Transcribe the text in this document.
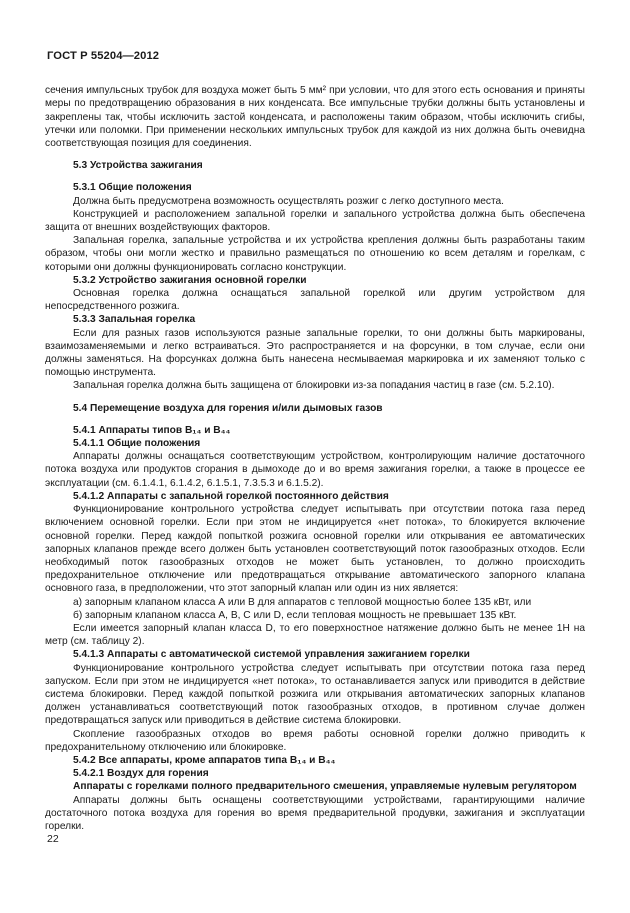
ГОСТ Р 55204—2012
сечения импульсных трубок для воздуха может быть 5 мм² при условии, что для этого есть основания и приняты меры по предотвращению образования в них конденсата. Все импульсные трубки должны быть установлены и закреплены так, чтобы исключить застой конденсата, и расположены таким образом, чтобы исключить сгибы, утечки или поломки. При применении нескольких импульсных трубок для каждой из них должна быть очевидна соответствующая позиция для соединения.
5.3 Устройства зажигания
5.3.1 Общие положения
Должна быть предусмотрена возможность осуществлять розжиг с легко доступного места.
Конструкцией и расположением запальной горелки и запального устройства должна быть обеспечена защита от внешних воздействующих факторов.
Запальная горелка, запальные устройства и их устройства крепления должны быть разработаны таким образом, чтобы они могли жестко и правильно размещаться по отношению ко всем деталям и горелкам, с которыми они должны функционировать согласно конструкции.
5.3.2 Устройство зажигания основной горелки
Основная горелка должна оснащаться запальной горелкой или другим устройством для непосредственного розжига.
5.3.3 Запальная горелка
Если для разных газов используются разные запальные горелки, то они должны быть маркированы, взаимозаменяемыми и легко встраиваться. Это распространяется и на форсунки, в том случае, если они должны заменяться. На форсунках должна быть нанесена несмываемая маркировка и их заменяют только с помощью инструмента.
Запальная горелка должна быть защищена от блокировки из-за попадания частиц в газе (см. 5.2.10).
5.4 Перемещение воздуха для горения и/или дымовых газов
5.4.1 Аппараты типов B₁₄ и B₄₄
5.4.1.1 Общие положения
Аппараты должны оснащаться соответствующим устройством, контролирующим наличие достаточного потока воздуха или продуктов сгорания в дымоходе до и во время зажигания горелки, а также в процессе ее эксплуатации (см. 6.1.4.1, 6.1.4.2, 6.1.5.1, 7.3.5.3 и 6.1.5.2).
5.4.1.2 Аппараты с запальной горелкой постоянного действия
Функционирование контрольного устройства следует испытывать при отсутствии потока газа перед включением основной горелки. Если при этом не индицируется «нет потока», то блокируется включение основной горелки. Перед каждой попыткой розжига основной горелки или открывания ее автоматических запорных клапанов прежде всего должен быть установлен соответствующий поток газообразных отходов. Если необходимый поток газообразных отходов не может быть установлен, то должно происходить предохранительное отключение или предотвращаться открывание автоматического запорного клапана основного газа, в предположении, что этот запорный клапан или один из них является:
а) запорным клапаном класса А или В для аппаратов с тепловой мощностью более 135 кВт, или
б) запорным клапаном класса А, В, С или D, если тепловая мощность не превышает 135 кВт.
Если имеется запорный клапан класса D, то его поверхностное натяжение должно быть не менее 1Н на метр (см. таблицу 2).
5.4.1.3 Аппараты с автоматической системой управления зажиганием горелки
Функционирование контрольного устройства следует испытывать при отсутствии потока газа перед запуском. Если при этом не индицируется «нет потока», то останавливается запуск или приводится в действие система блокировки. Перед каждой попыткой розжига или открывания автоматических запорных клапанов должен устанавливаться соответствующий поток газообразных отходов, в противном случае должен предотвращаться запуск или приводиться в действие система блокировки.
Скопление газообразных отходов во время работы основной горелки должно приводить к предохранительному отключению или блокировке.
5.4.2 Все аппараты, кроме аппаратов типа B₁₄ и B₄₄
5.4.2.1 Воздух для горения
Аппараты с горелками полного предварительного смешения, управляемые нулевым регулятором
Аппараты должны быть оснащены соответствующими устройствами, гарантирующими наличие достаточного потока воздуха для горения во время предварительной продувки, зажигания и эксплуатации горелки.
22
